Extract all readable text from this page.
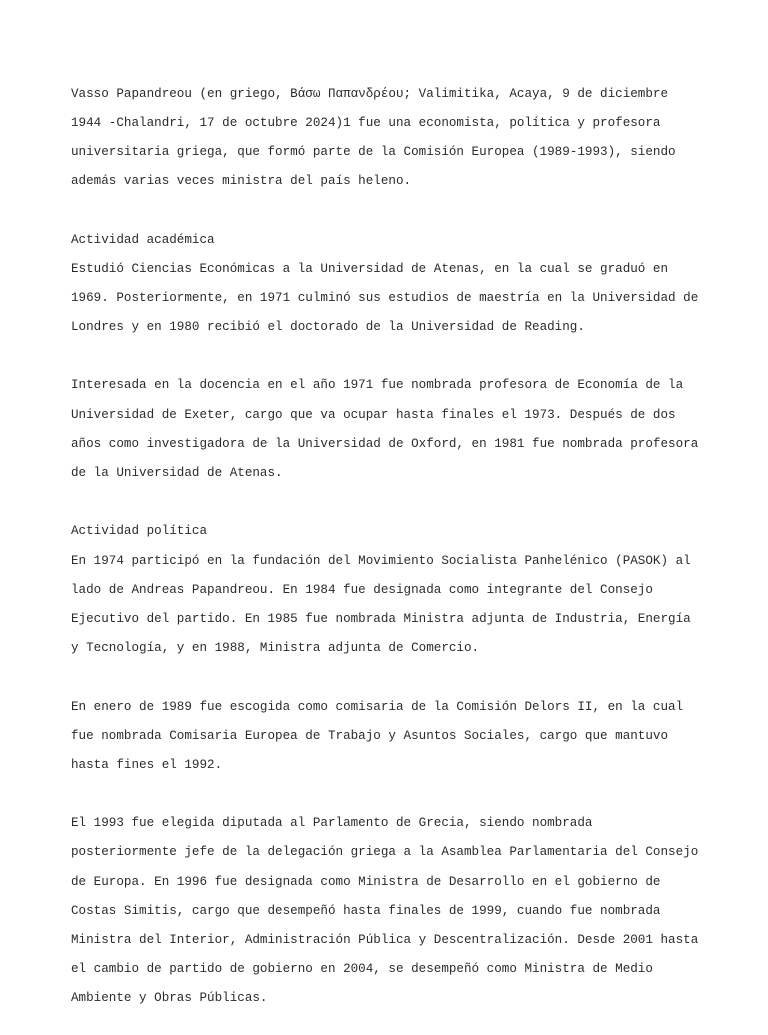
Vasso Papandreou (en griego, Βάσω Παπανδρέου; Valimitika, Acaya, 9 de diciembre

1944 -Chalandri, 17 de octubre 2024)1 fue una economista, política y profesora

universitaria griega, que formó parte de la Comisión Europea (1989-1993), siendo

además varias veces ministra del país heleno.

Actividad académica

Estudió Ciencias Económicas a la Universidad de Atenas, en la cual se graduó en

1969. Posteriormente, en 1971 culminó sus estudios de maestría en la Universidad de

Londres y en 1980 recibió el doctorado de la Universidad de Reading.

Interesada en la docencia en el año 1971 fue nombrada profesora de Economía de la

Universidad de Exeter, cargo que va ocupar hasta finales el 1973. Después de dos

años como investigadora de la Universidad de Oxford, en 1981 fue nombrada profesora

de la Universidad de Atenas.

Actividad política

En 1974 participó en la fundación del Movimiento Socialista Panhelénico (PASOK) al

lado de Andreas Papandreou. En 1984 fue designada como integrante del Consejo

Ejecutivo del partido. En 1985 fue nombrada Ministra adjunta de Industria, Energía

y Tecnología, y en 1988, Ministra adjunta de Comercio.

En enero de 1989 fue escogida como comisaria de la Comisión Delors II, en la cual

fue nombrada Comisaria Europea de Trabajo y Asuntos Sociales, cargo que mantuvo

hasta fines el 1992.

El 1993 fue elegida diputada al Parlamento de Grecia, siendo nombrada

posteriormente jefe de la delegación griega a la Asamblea Parlamentaria del Consejo

de Europa. En 1996 fue designada como Ministra de Desarrollo en el gobierno de

Costas Simitis, cargo que desempeñó hasta finales de 1999, cuando fue nombrada

Ministra del Interior, Administración Pública y Descentralización. Desde 2001 hasta

el cambio de partido de gobierno en 2004, se desempeñó como Ministra de Medio

Ambiente y Obras Públicas.
